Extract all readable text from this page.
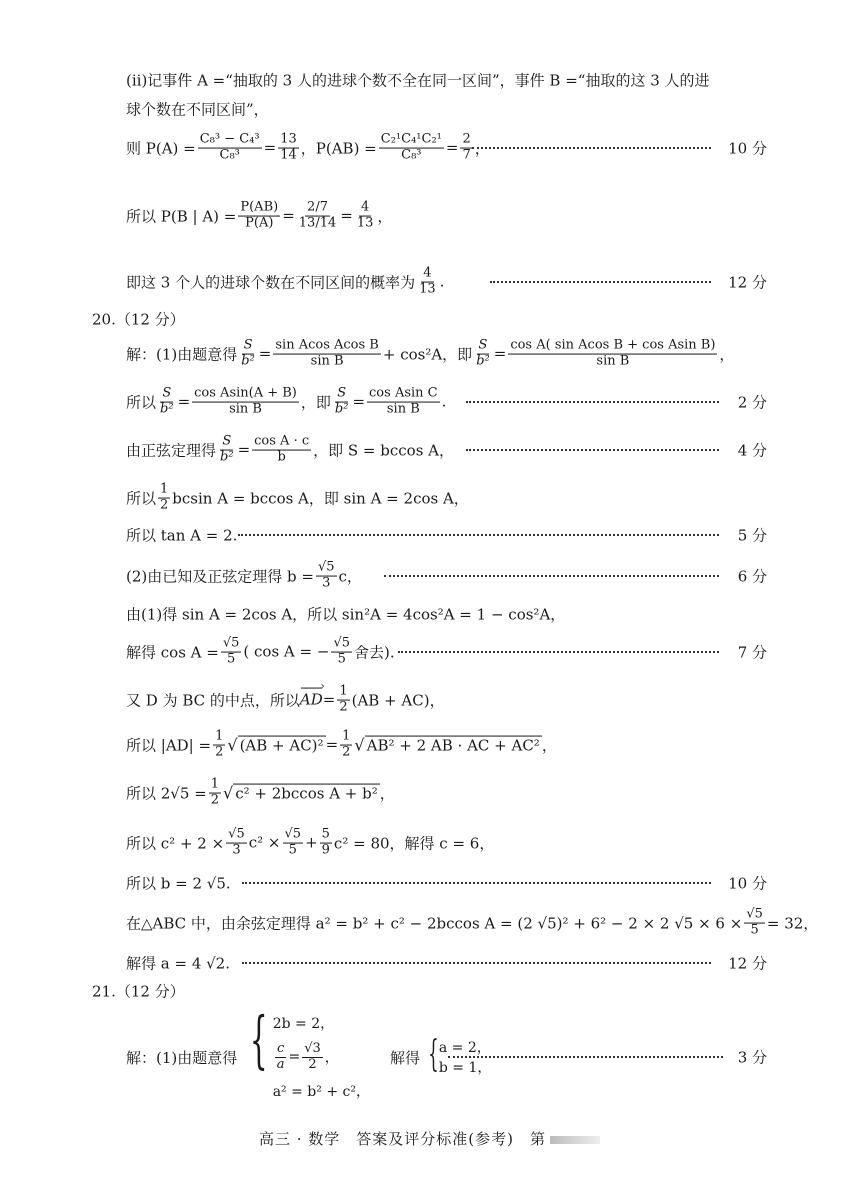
(ⅱ)记事件 A =“抽取的 3 人的进球个数不全在同一区间”，事件 B =“抽取的这 3 人的进
球个数在不同区间”，
则 $P(A) = \frac{\text{C₈³ − C₄³}}{\text{C₈³}} = \frac{13}{14}$ ，$P(AB) = \frac{\text{C₂¹C₄¹C₂¹}}{\text{C₈³}} = \frac{2}{7}$ ，	10 分
所以 P(B | $A) = \frac{P(AB)}{P(A)} = \frac{2/7}{13/14} = \frac{4}{13}$ ，
即这 3 个人的进球个数在不同区间的概率为 $\frac{4}{13}$ .	12 分
20.（12 分）
解：(1)由题意得 $\frac{S}{\text{b²}} = \frac{\text{sin Acos Acos B}}{\text{sin B}} + \cos^2A$，即 $\frac{S}{\text{b²}} = \frac{\text{cos A( sin Acos B + cos Asin B)}}{\text{sin B}}$ ，
所以 $\frac{S}{\text{b²}} = \frac{\text{cos Asin(A + B)}}{\text{sin B}}$ ，即 $\frac{S}{\text{b²}} = \frac{\text{cos Asin C}}{\text{sin B}}$ .	2 分
由正弦定理得 $\frac{S}{\text{b²}} = \frac{\text{cos A · c}}{b}$ ，即 S = bccos A，	4 分
所以 $\frac{1}{2}$ bcsin A = bccos A，即 sin A = 2cos A，
所以 tan A = 2.	5 分
(2)由已知及正弦定理得 $b = \frac{√5}{3}$ c，	6 分
由(1)得 sin A = 2cos A，所以 sin²A = 4cos²A = 1 − cos²A，
解得 $\cos A = \frac{√5}{5}$ ( cos A = − $\frac{√5}{5}$ 舍去).	7 分
又 D 为 BC 的中点，所以 AD › = $\frac{1}{2} (AB + AC)$，
所以 $|AD| = \frac{1}{2}$ √ $(AB + AC)^2 = \frac{1}{2}$ √ AB² + 2 AB · AC + AC² ，
所以 $2√5 = \frac{1}{2}$ √ c² + 2bccos A + b² ，
所以 $c^2 + 2 \times \frac{√5}{3} c^2 \times \frac{√5}{5} + \frac{5}{9} c^2 = 80$，解得 c = 6，
所以 b = 2 √5.	10 分
在△ABC 中，由余弦定理得 a² = b² + c² − 2bccos A = (2 √5)² + 6² − 2 × 2 $√5 \times 6 \times \frac{√5}{5} = 32$，
解得 a = 4 √2.	12 分
21.（12 分）
解：(1)由题意得 { 2b = 2，
$\frac{c}{a} = \frac{√3}{2}$ ，
a² = b² + c²，
解得 { a = 2，
b = 1，
3 分
高三 · 数学　答案及评分标准(参考)　第
